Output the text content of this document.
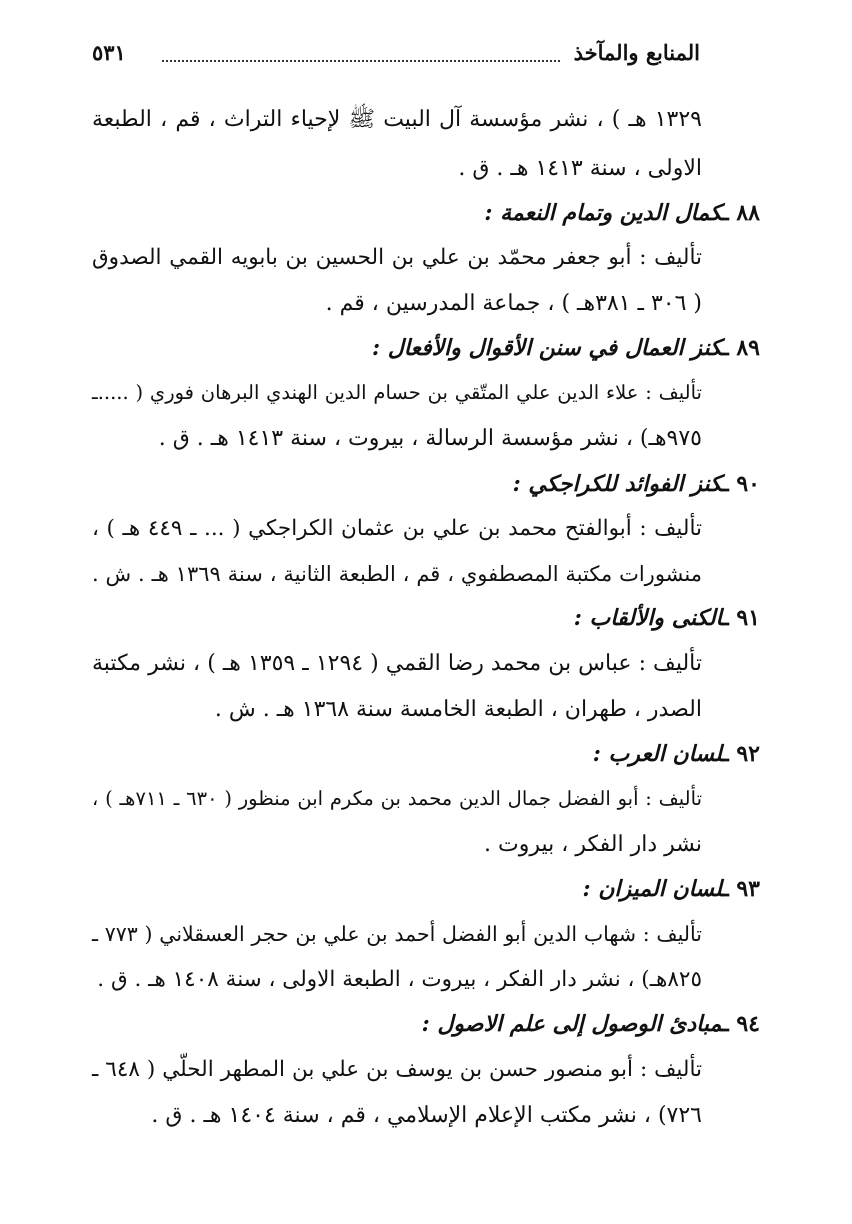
المنابع والمآخذ
٥٣١
١٣٢٩ هـ ) ، نشر مؤسسة آل البيت ﷺ لإحياء التراث ، قم ، الطبعة
الاولى ، سنة ١٤١٣ هـ . ق .
٨٨ ـكمال الدين وتمام النعمة :
تأليف : أبو جعفر محمّد بن علي بن الحسين بن بابويه القمي الصدوق
( ٣٠٦ ـ ٣٨١هـ ) ، جماعة المدرسين ، قم .
٨٩ ـكنز العمال في سنن الأقوال والأفعال :
تأليف : علاء الدين علي المتّقي بن حسام الدين الهندي البرهان فوري ( .....ـ
٩٧٥هـ) ، نشر مؤسسة الرسالة ، بيروت ، سنة ١٤١٣ هـ . ق .
٩٠ ـكنز الفوائد للكراجكي :
تأليف : أبوالفتح محمد بن علي بن عثمان الكراجكي ( ... ـ ٤٤٩ هـ ) ،
منشورات مكتبة المصطفوي ، قم ، الطبعة الثانية ، سنة ١٣٦٩ هـ . ش .
٩١ ـالكنى والألقاب :
تأليف : عباس بن محمد رضا القمي ( ١٢٩٤ ـ ١٣٥٩ هـ ) ، نشر مكتبة
الصدر ، طهران ، الطبعة الخامسة سنة ١٣٦٨ هـ . ش .
٩٢ ـلسان العرب :
تأليف : أبو الفضل جمال الدين محمد بن مكرم ابن منظور ( ٦٣٠ ـ ٧١١هـ ) ،
نشر دار الفكر ، بيروت .
٩٣ ـلسان الميزان :
تأليف : شهاب الدين أبو الفضل أحمد بن علي بن حجر العسقلاني ( ٧٧٣ ـ
٨٢٥هـ) ، نشر دار الفكر ، بيروت ، الطبعة الاولى ، سنة ١٤٠٨ هـ . ق .
٩٤ ـمبادئ الوصول إلى علم الاصول :
تأليف : أبو منصور حسن بن يوسف بن علي بن المطهر الحلّي ( ٦٤٨ ـ
٧٢٦) ، نشر مكتب الإعلام الإسلامي ، قم ، سنة ١٤٠٤ هـ . ق .
